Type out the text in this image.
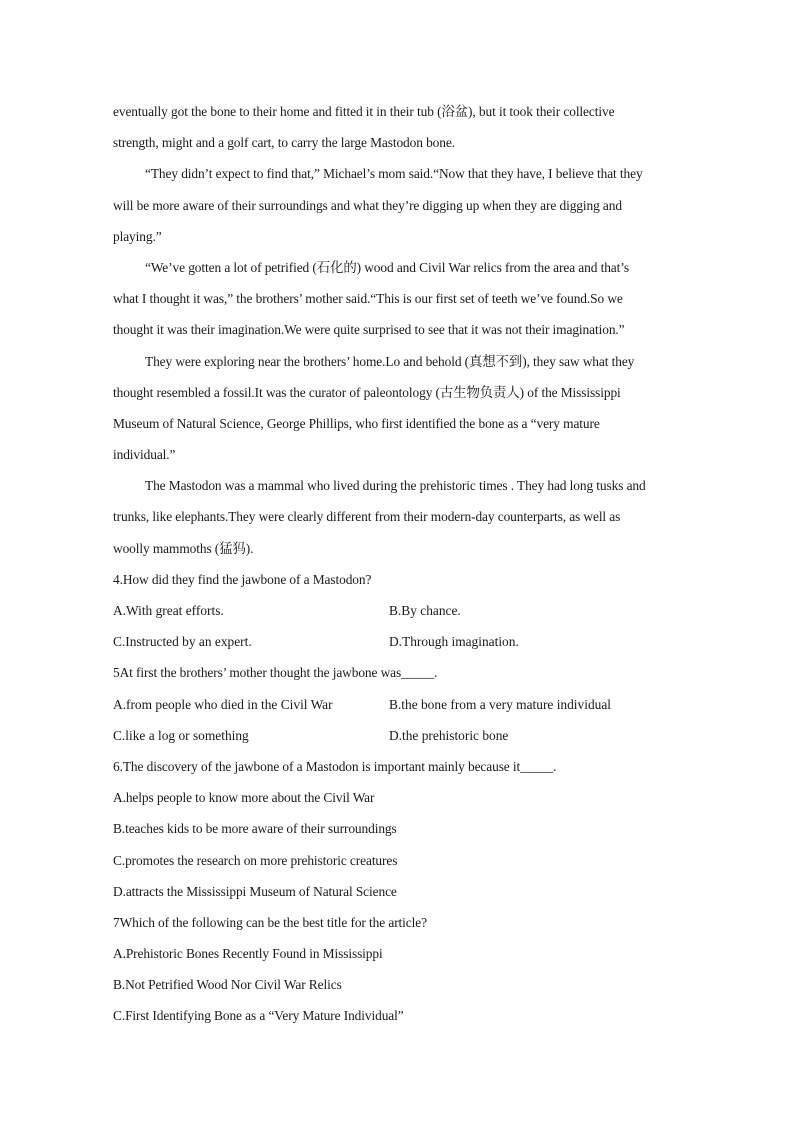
eventually got the bone to their home and fitted it in their tub (浴盆), but it took their collective
strength, might and a golf cart, to carry the large Mastodon bone.
“They didn’t expect to find that,” Michael’s mom said.“Now that they have, I believe that they
will be more aware of their surroundings and what they’re digging up when they are digging and
playing.”
“We’ve gotten a lot of petrified (石化的) wood and Civil War relics from the area and that’s
what I thought it was,” the brothers’ mother said.“This is our first set of teeth we’ve found.So we
thought it was their imagination.We were quite surprised to see that it was not their imagination.”
They were exploring near the brothers’ home.Lo and behold (真想不到), they saw what they
thought resembled a fossil.It was the curator of paleontology (古生物负责人) of the Mississippi
Museum of Natural Science, George Phillips, who first identified the bone as a “very mature
individual.”
The Mastodon was a mammal who lived during the prehistoric times . They had long tusks and
trunks, like elephants.They were clearly different from their modern-day counterparts, as well as
woolly mammoths (猛犸).
4.How did they find the jawbone of a Mastodon?
A.With great efforts.	B.By chance.
C.Instructed by an expert.	D.Through imagination.
5At first the brothers’ mother thought the jawbone was_____.
A.from people who died in the Civil War	B.the bone from a very mature individual
C.like a log or something	D.the prehistoric bone
6.The discovery of the jawbone of a Mastodon is important mainly because it_____.
A.helps people to know more about the Civil War
B.teaches kids to be more aware of their surroundings
C.promotes the research on more prehistoric creatures
D.attracts the Mississippi Museum of Natural Science
7Which of the following can be the best title for the article?
A.Prehistoric Bones Recently Found in Mississippi
B.Not Petrified Wood Nor Civil War Relics
C.First Identifying Bone as a “Very Mature Individual”
